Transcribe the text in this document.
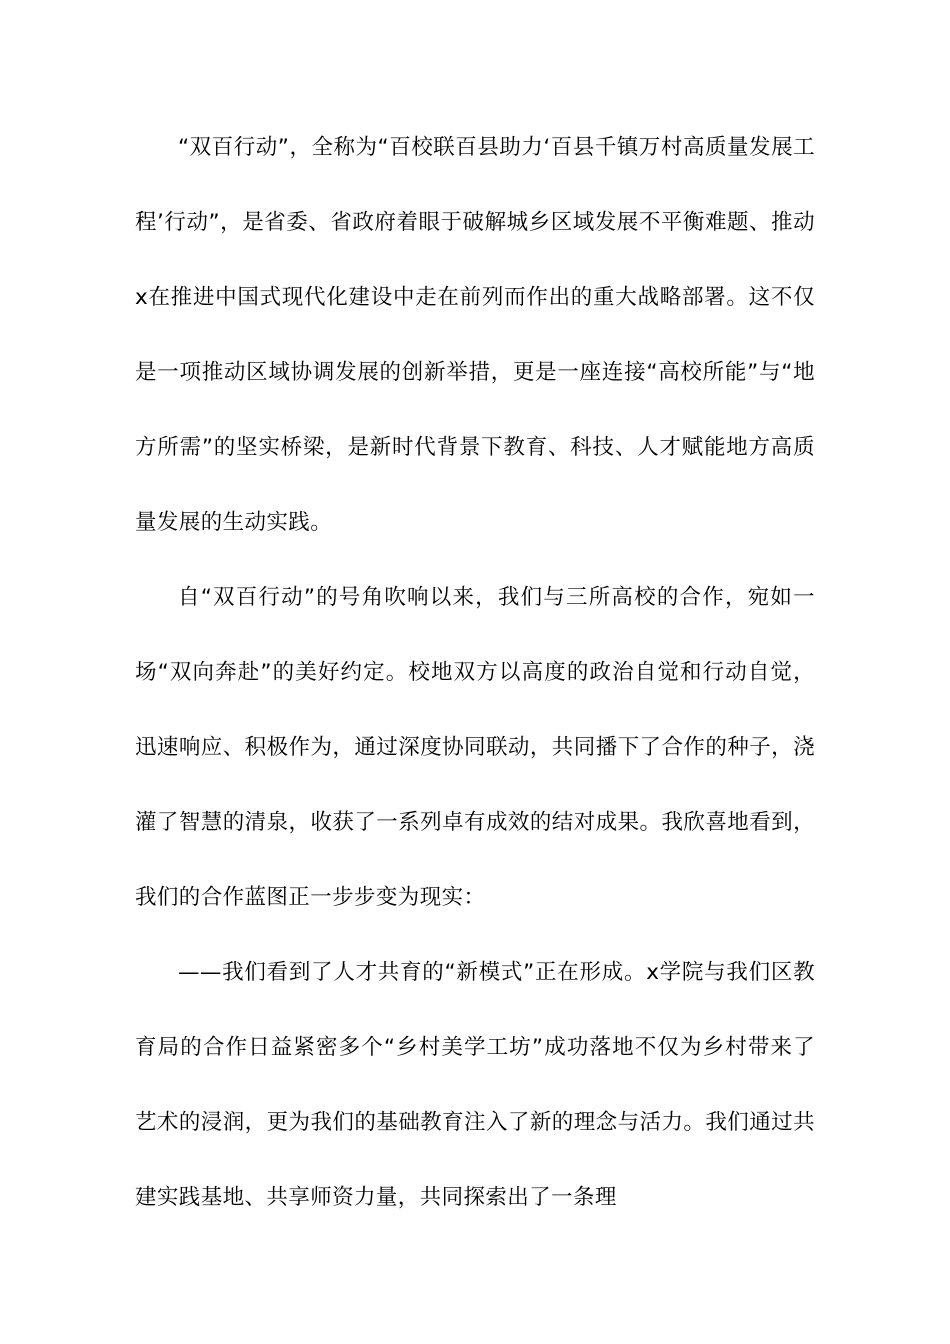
“双百行动”，全称为“百校联百县助力‘百县千镇万村高质量发展工程’行动”，是省委、省政府着眼于破解城乡区域发展不平衡难题、推动x在推进中国式现代化建设中走在前列而作出的重大战略部署。这不仅是一项推动区域协调发展的创新举措，更是一座连接“高校所能”与“地方所需”的坚实桥梁，是新时代背景下教育、科技、人才赋能地方高质量发展的生动实践。

自“双百行动”的号角吹响以来，我们与三所高校的合作，宛如一场“双向奔赴”的美好约定。校地双方以高度的政治自觉和行动自觉，迅速响应、积极作为，通过深度协同联动，共同播下了合作的种子，浇灌了智慧的清泉，收获了一系列卓有成效的结对成果。我欣喜地看到，我们的合作蓝图正一步步变为现实：

——我们看到了人才共育的“新模式”正在形成。x学院与我们区教育局的合作日益紧密多个“乡村美学工坊”成功落地不仅为乡村带来了艺术的浸润，更为我们的基础教育注入了新的理念与活力。我们通过共建实践基地、共享师资力量，共同探索出了一条理
